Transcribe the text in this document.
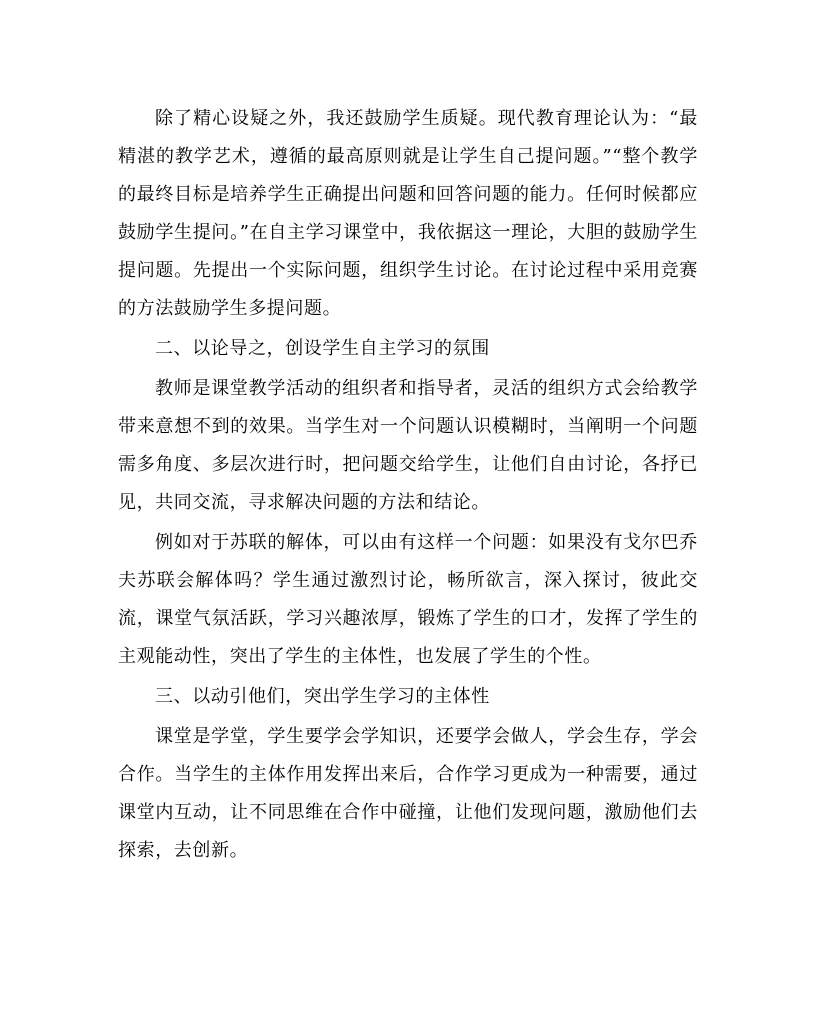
除了精心设疑之外，我还鼓励学生质疑。现代教育理论认为：“最精湛的教学艺术，遵循的最高原则就是让学生自己提问题。”“整个教学的最终目标是培养学生正确提出问题和回答问题的能力。任何时候都应鼓励学生提问。”在自主学习课堂中，我依据这一理论，大胆的鼓励学生提问题。先提出一个实际问题，组织学生讨论。在讨论过程中采用竞赛的方法鼓励学生多提问题。

二、以论导之，创设学生自主学习的氛围

教师是课堂教学活动的组织者和指导者，灵活的组织方式会给教学带来意想不到的效果。当学生对一个问题认识模糊时，当阐明一个问题需多角度、多层次进行时，把问题交给学生，让他们自由讨论，各抒已见，共同交流，寻求解决问题的方法和结论。

例如对于苏联的解体，可以由有这样一个问题：如果没有戈尔巴乔夫苏联会解体吗？学生通过激烈讨论，畅所欲言，深入探讨，彼此交流，课堂气氛活跃，学习兴趣浓厚，锻炼了学生的口才，发挥了学生的主观能动性，突出了学生的主体性，也发展了学生的个性。

三、以动引他们，突出学生学习的主体性

课堂是学堂，学生要学会学知识，还要学会做人，学会生存，学会合作。当学生的主体作用发挥出来后，合作学习更成为一种需要，通过课堂内互动，让不同思维在合作中碰撞，让他们发现问题，激励他们去探索，去创新。
